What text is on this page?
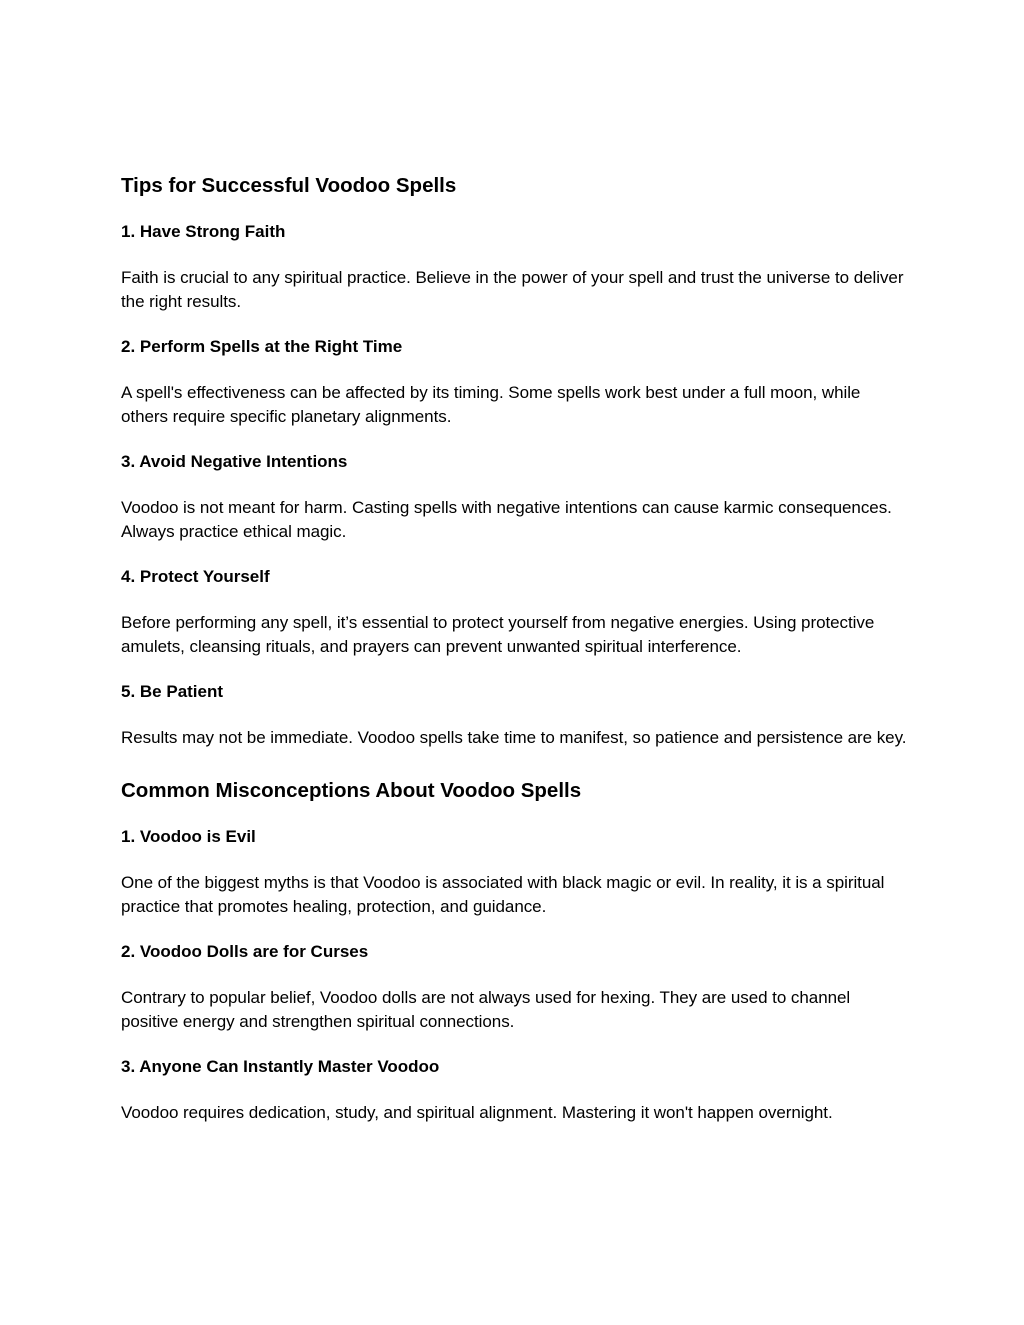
Tips for Successful Voodoo Spells
1. Have Strong Faith

Faith is crucial to any spiritual practice. Believe in the power of your spell and trust the universe to deliver the right results.

2. Perform Spells at the Right Time

A spell's effectiveness can be affected by its timing. Some spells work best under a full moon, while others require specific planetary alignments.

3. Avoid Negative Intentions

Voodoo is not meant for harm. Casting spells with negative intentions can cause karmic consequences. Always practice ethical magic.

4. Protect Yourself

Before performing any spell, it’s essential to protect yourself from negative energies. Using protective amulets, cleansing rituals, and prayers can prevent unwanted spiritual interference.

5. Be Patient

Results may not be immediate. Voodoo spells take time to manifest, so patience and persistence are key.

Common Misconceptions About Voodoo Spells
1. Voodoo is Evil

One of the biggest myths is that Voodoo is associated with black magic or evil. In reality, it is a spiritual practice that promotes healing, protection, and guidance.

2. Voodoo Dolls are for Curses

Contrary to popular belief, Voodoo dolls are not always used for hexing. They are used to channel positive energy and strengthen spiritual connections.

3. Anyone Can Instantly Master Voodoo

Voodoo requires dedication, study, and spiritual alignment. Mastering it won't happen overnight.
